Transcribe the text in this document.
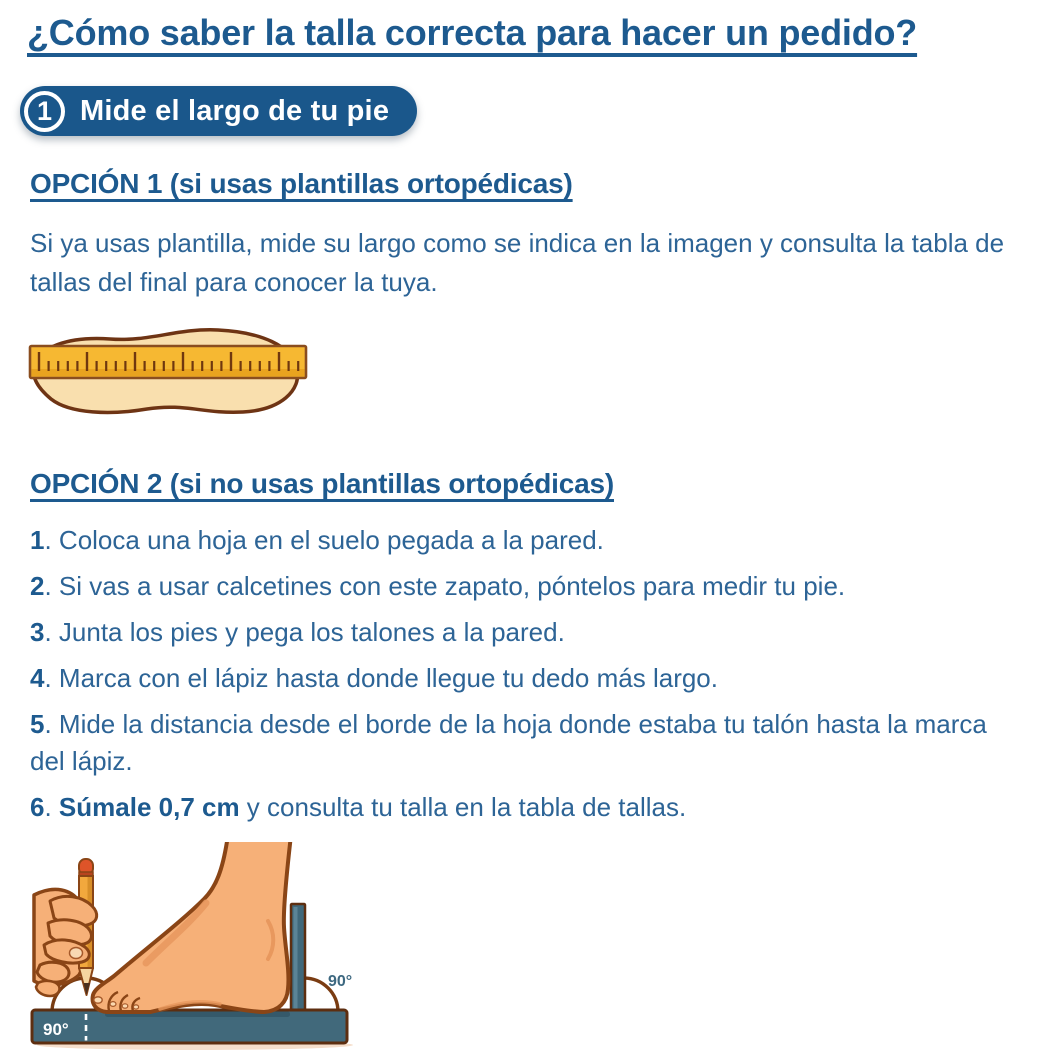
¿Cómo saber la talla correcta para hacer un pedido?
1 Mide el largo de tu pie
OPCIÓN 1 (si usas plantillas ortopédicas)

Si ya usas plantilla, mide su largo como se indica en la imagen y consulta la tabla de tallas del final para conocer la tuya.

OPCIÓN 2 (si no usas plantillas ortopédicas)
1. Coloca una hoja en el suelo pegada a la pared.
2. Si vas a usar calcetines con este zapato, póntelos para medir tu pie.
3. Junta los pies y pega los talones a la pared.
4. Marca con el lápiz hasta donde llegue tu dedo más largo.
5. Mide la distancia desde el borde de la hoja donde estaba tu talón hasta la marca del lápiz.
6. Súmale 0,7 cm y consulta tu talla en la tabla de tallas.
90°
90°
